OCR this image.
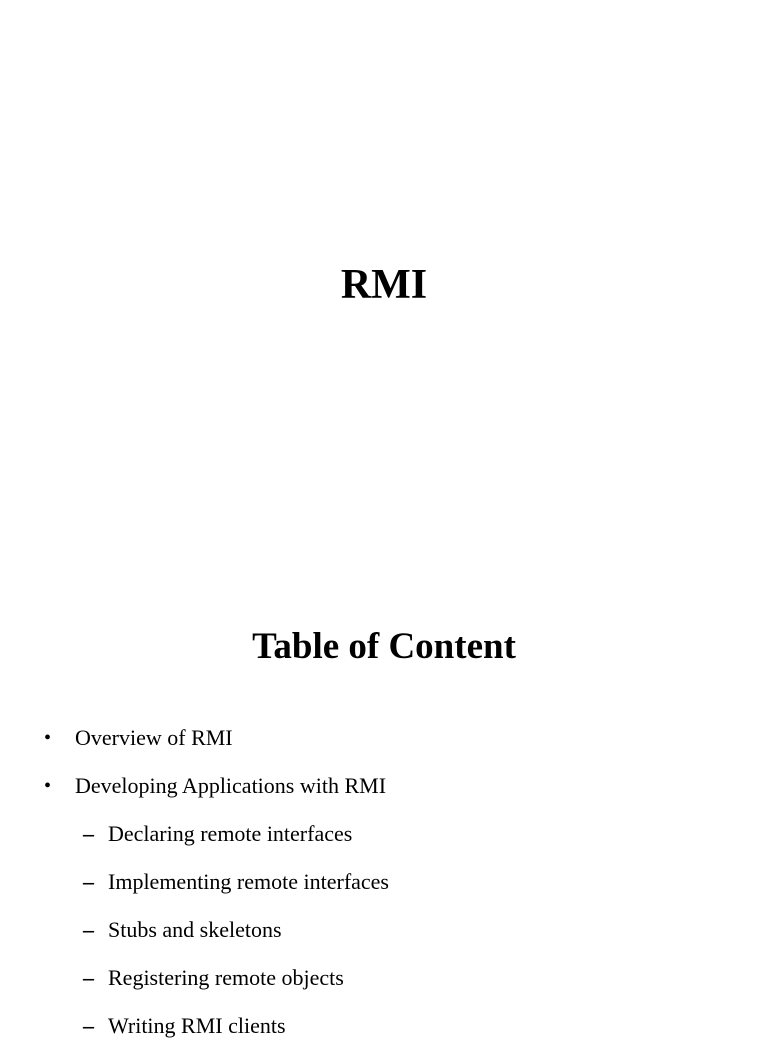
RMI
Table of Content
• Overview of RMI
• Developing Applications with RMI
– Declaring remote interfaces
– Implementing remote interfaces
– Stubs and skeletons
– Registering remote objects
– Writing RMI clients
